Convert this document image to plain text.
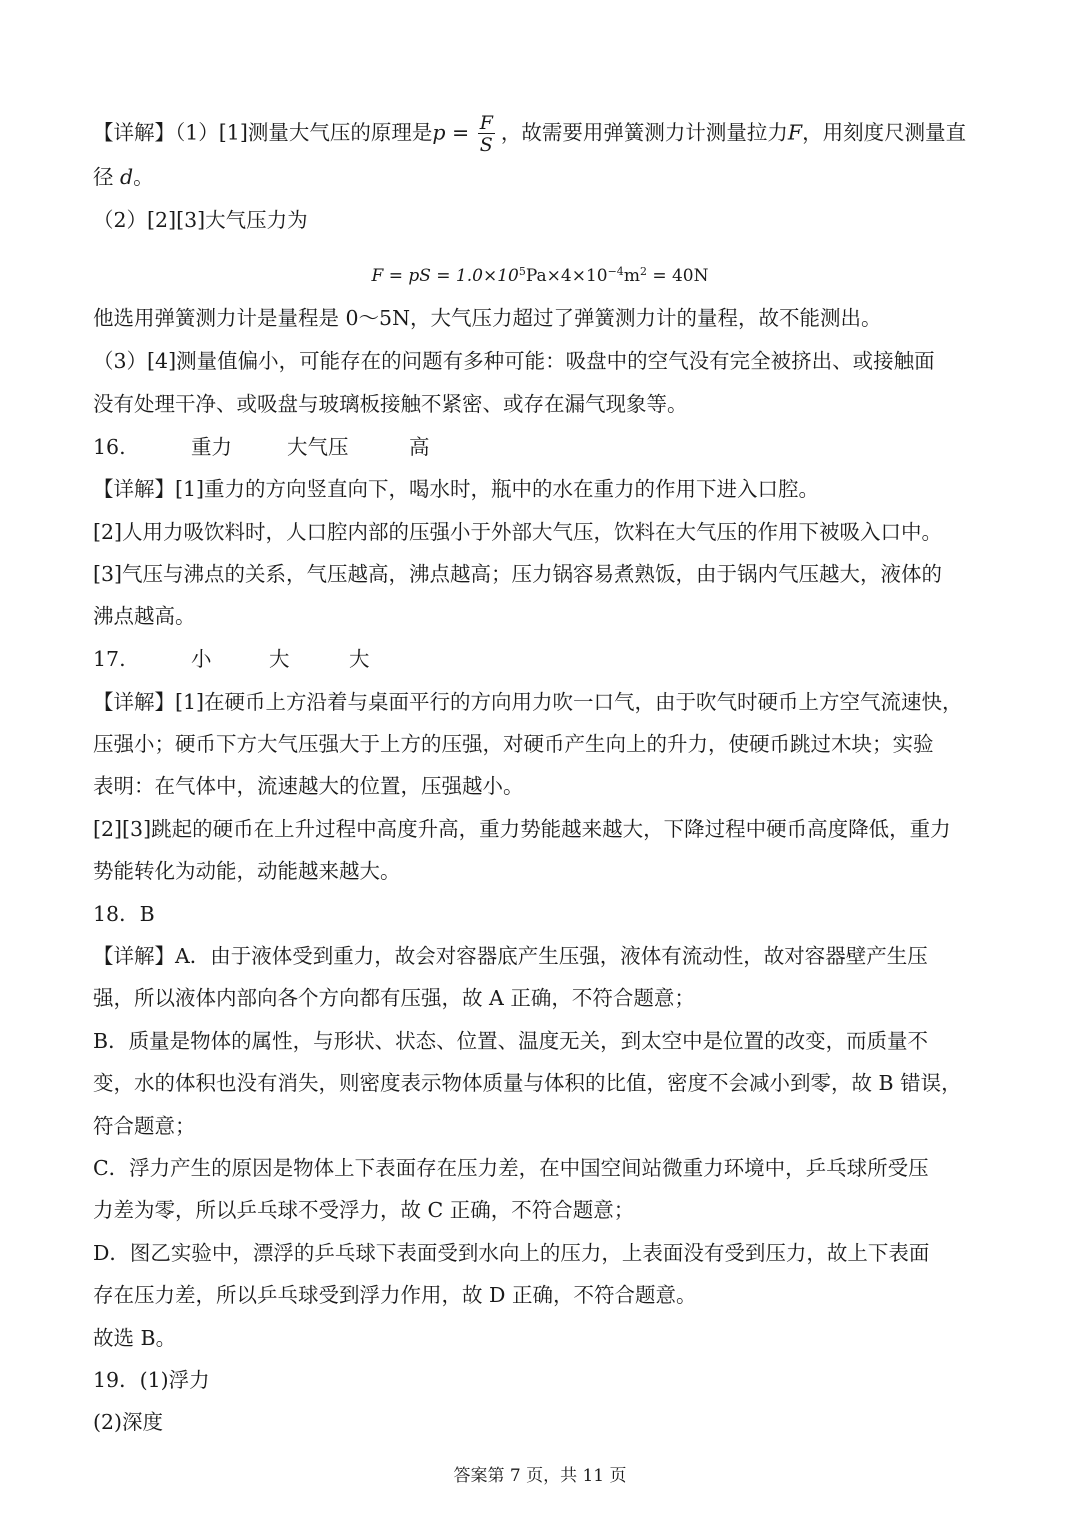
【详解】（1）[1]测量大气压的原理是$p = \frac{F}{S}$ ，故需要用弹簧测力计测量拉力F，用刻度尺测量直
径 d。
（2）[2][3]大气压力为
F = pS = $1.0\times 10^5Pa\times 4\times 10^{-4}m^2 = 40N$
他选用弹簧测力计是量程是 0～5N，大气压力超过了弹簧测力计的量程，故不能测出。
（3）[4]测量值偏小，可能存在的问题有多种可能：吸盘中的空气没有完全被挤出、或接触面
没有处理干净、或吸盘与玻璃板接触不紧密、或存在漏气现象等。
16.	重力	大气压	高
【详解】[1]重力的方向竖直向下，喝水时，瓶中的水在重力的作用下进入口腔。
[2]人用力吸饮料时，人口腔内部的压强小于外部大气压，饮料在大气压的作用下被吸入口中。
[3]气压与沸点的关系，气压越高，沸点越高；压力锅容易煮熟饭，由于锅内气压越大，液体的
沸点越高。
17.	小	大	大
【详解】[1]在硬币上方沿着与桌面平行的方向用力吹一口气，由于吹气时硬币上方空气流速快，
压强小；硬币下方大气压强大于上方的压强，对硬币产生向上的升力，使硬币跳过木块；实验
表明：在气体中，流速越大的位置，压强越小。
[2][3]跳起的硬币在上升过程中高度升高，重力势能越来越大，下降过程中硬币高度降低，重力
势能转化为动能，动能越来越大。
18．B
【详解】A．由于液体受到重力，故会对容器底产生压强，液体有流动性，故对容器壁产生压
强，所以液体内部向各个方向都有压强，故 A 正确，不符合题意；
B．质量是物体的属性，与形状、状态、位置、温度无关，到太空中是位置的改变，而质量不
变，水的体积也没有消失，则密度表示物体质量与体积的比值，密度不会减小到零，故 B 错误，
符合题意；
C．浮力产生的原因是物体上下表面存在压力差，在中国空间站微重力环境中，乒乓球所受压
力差为零，所以乒乓球不受浮力，故 C 正确，不符合题意；
D．图乙实验中，漂浮的乒乓球下表面受到水向上的压力，上表面没有受到压力，故上下表面
存在压力差，所以乒乓球受到浮力作用，故 D 正确，不符合题意。
故选 B。
19．(1)浮力
(2)深度
答案第 7 页，共 11 页
